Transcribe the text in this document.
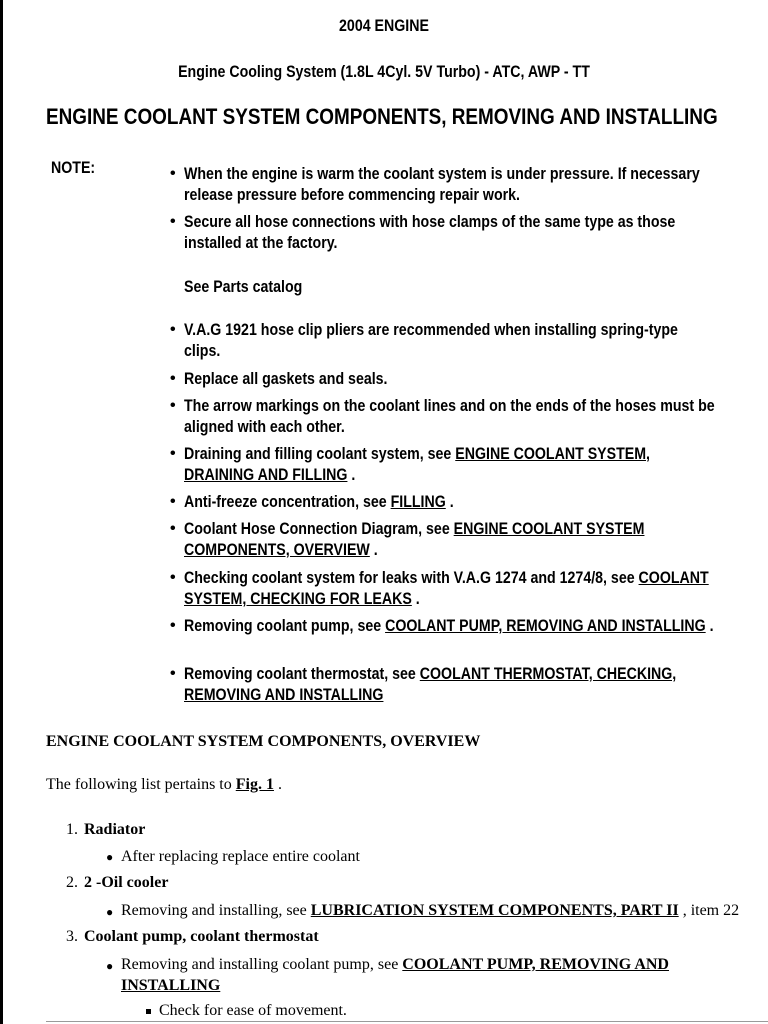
2004 ENGINE
Engine Cooling System (1.8L 4Cyl. 5V Turbo) - ATC, AWP - TT
ENGINE COOLANT SYSTEM COMPONENTS, REMOVING AND INSTALLING
NOTE:	• When the engine is warm the coolant system is under pressure. If necessary release pressure before commencing repair work.
• Secure all hose connections with hose clamps of the same type as those installed at the factory.
See Parts catalog
• V.A.G 1921 hose clip pliers are recommended when installing spring-type clips.
• Replace all gaskets and seals.
• The arrow markings on the coolant lines and on the ends of the hoses must be aligned with each other.
• Draining and filling coolant system, see ENGINE COOLANT SYSTEM, DRAINING AND FILLING .
• Anti-freeze concentration, see FILLING .
• Coolant Hose Connection Diagram, see ENGINE COOLANT SYSTEM COMPONENTS, OVERVIEW .
• Checking coolant system for leaks with V.A.G 1274 and 1274/8, see COOLANT SYSTEM, CHECKING FOR LEAKS .
• Removing coolant pump, see COOLANT PUMP, REMOVING AND INSTALLING .
• Removing coolant thermostat, see COOLANT THERMOSTAT, CHECKING, REMOVING AND INSTALLING
ENGINE COOLANT SYSTEM COMPONENTS, OVERVIEW
The following list pertains to Fig. 1 .
1. Radiator
● After replacing replace entire coolant
2. 2 -Oil cooler
● Removing and installing, see LUBRICATION SYSTEM COMPONENTS, PART II , item 22
3. Coolant pump, coolant thermostat
● Removing and installing coolant pump, see COOLANT PUMP, REMOVING AND
INSTALLING
Check for ease of movement.
